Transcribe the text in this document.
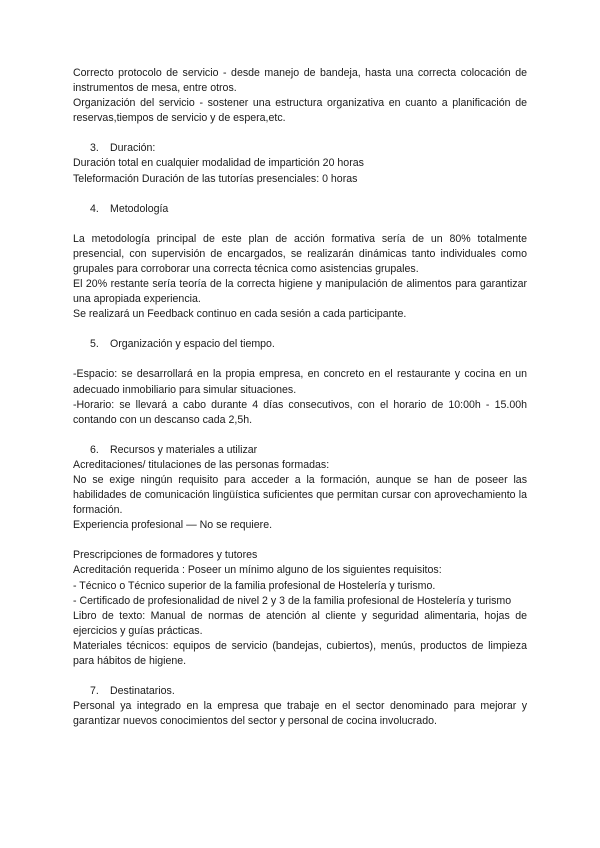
Correcto protocolo de servicio - desde manejo de bandeja, hasta una correcta colocación de instrumentos de mesa, entre otros.

Organización del servicio - sostener una estructura organizativa en cuanto a planificación de reservas,tiempos de servicio y de espera,etc.

3.	Duración:

Duración total en cualquier modalidad de impartición 20 horas

Teleformación Duración de las tutorías presenciales: 0 horas

4.	Metodología

La metodología principal de este plan de acción formativa sería de un 80% totalmente presencial, con supervisión de encargados, se realizarán dinámicas tanto individuales como grupales para corroborar una correcta técnica como asistencias grupales.

El 20% restante sería teoría de la correcta higiene y manipulación de alimentos para garantizar una apropiada experiencia.

Se realizará un Feedback continuo en cada sesión a cada participante.

5.	Organización y espacio del tiempo.

-Espacio: se desarrollará en la propia empresa, en concreto en el restaurante y cocina en un adecuado inmobiliario para simular situaciones.

-Horario: se llevará a cabo durante 4 días consecutivos, con el horario de 10:00h - 15.00h contando con un descanso cada 2,5h.

6.	Recursos y materiales a utilizar

Acreditaciones/ titulaciones de las personas formadas:

No se exige ningún requisito para acceder a la formación, aunque se han de poseer las habilidades de comunicación lingüística suficientes que permitan cursar con aprovechamiento la formación.

Experiencia profesional — No se requiere.

Prescripciones de formadores y tutores

Acreditación requerida : Poseer un mínimo alguno de los siguientes requisitos:

- Técnico o Técnico superior de la familia profesional de Hostelería y turismo.

- Certificado de profesionalidad de nivel 2 y 3 de la familia profesional de Hostelería y turismo

Libro de texto: Manual de normas de atención al cliente y seguridad alimentaria, hojas de ejercicios y guías prácticas.

Materiales técnicos: equipos de servicio (bandejas, cubiertos), menús, productos de limpieza para hábitos de higiene.

7.	Destinatarios.

Personal ya integrado en la empresa que trabaje en el sector denominado para mejorar y garantizar nuevos conocimientos del sector y personal de cocina involucrado.
